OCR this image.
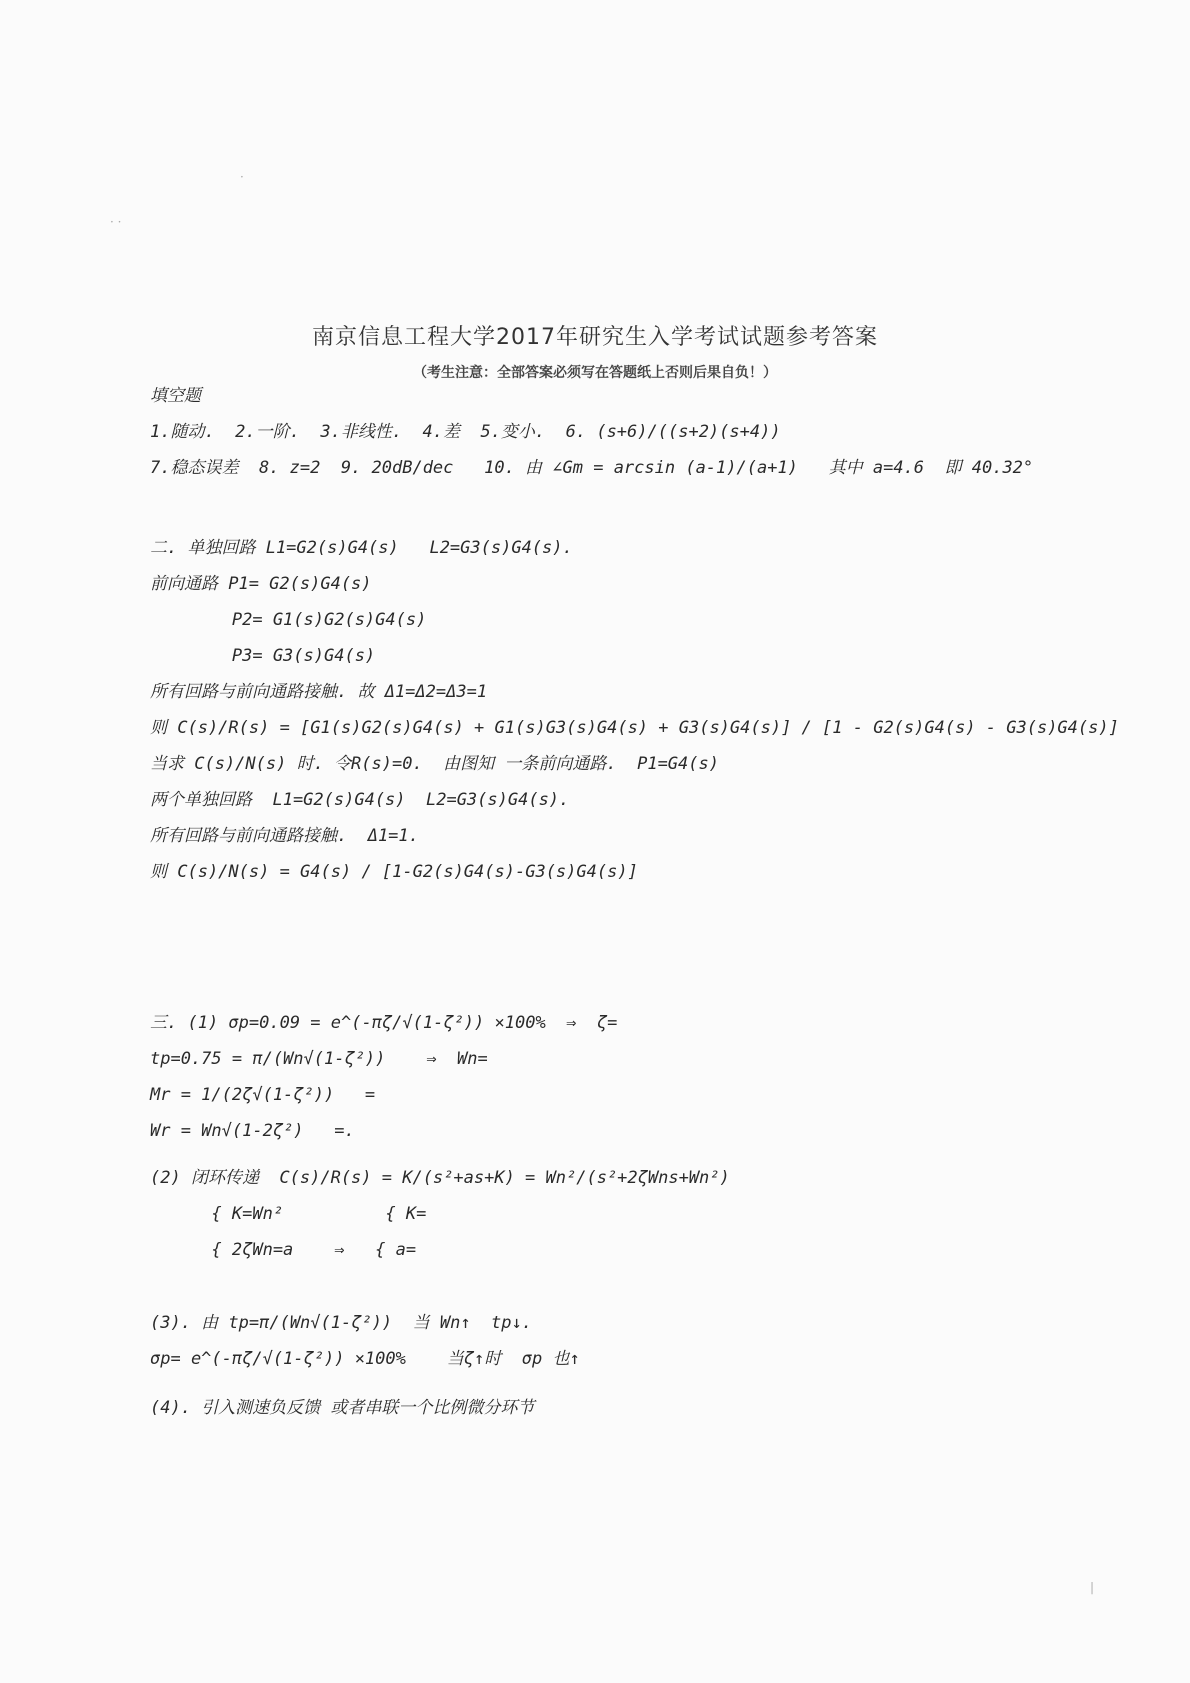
·
· ·
|
南京信息工程大学2017年研究生入学考试试题参考答案
（考生注意：全部答案必须写在答题纸上否则后果自负！）

填空题

1.随动.  2.一阶.  3.非线性.  4.差  5.变小.  6. (s+6)/((s+2)(s+4))

7.稳态误差  8. z=2  9. 20dB/dec   10. 由 ∠Gm = arcsin (a-1)/(a+1)   其中 a=4.6  即 40.32°

二. 单独回路 L1=G2(s)G4(s)   L2=G3(s)G4(s).

前向通路 P1= G2(s)G4(s)

P2= G1(s)G2(s)G4(s)

P3= G3(s)G4(s)

所有回路与前向通路接触. 故 Δ1=Δ2=Δ3=1

则 C(s)/R(s) = [G1(s)G2(s)G4(s) + G1(s)G3(s)G4(s) + G3(s)G4(s)] / [1 - G2(s)G4(s) - G3(s)G4(s)]

当求 C(s)/N(s) 时. 令R(s)=0.  由图知 一条前向通路.  P1=G4(s)

两个单独回路  L1=G2(s)G4(s)  L2=G3(s)G4(s).

所有回路与前向通路接触.  Δ1=1.

则 C(s)/N(s) = G4(s) / [1-G2(s)G4(s)-G3(s)G4(s)]

三. (1) σp=0.09 = e^(-πζ/√(1-ζ²)) ×100%  ⇒  ζ=

tp=0.75 = π/(Wn√(1-ζ²))    ⇒  Wn=

Mr = 1/(2ζ√(1-ζ²))   =

Wr = Wn√(1-2ζ²)   =.

(2) 闭环传递  C(s)/R(s) = K/(s²+as+K) = Wn²/(s²+2ζWns+Wn²)

{ K=Wn²          { K=

{ 2ζWn=a    ⇒   { a=

(3). 由 tp=π/(Wn√(1-ζ²))  当 Wn↑  tp↓.

σp= e^(-πζ/√(1-ζ²)) ×100%    当ζ↑时  σp 也↑

(4). 引入测速负反馈 或者串联一个比例微分环节
